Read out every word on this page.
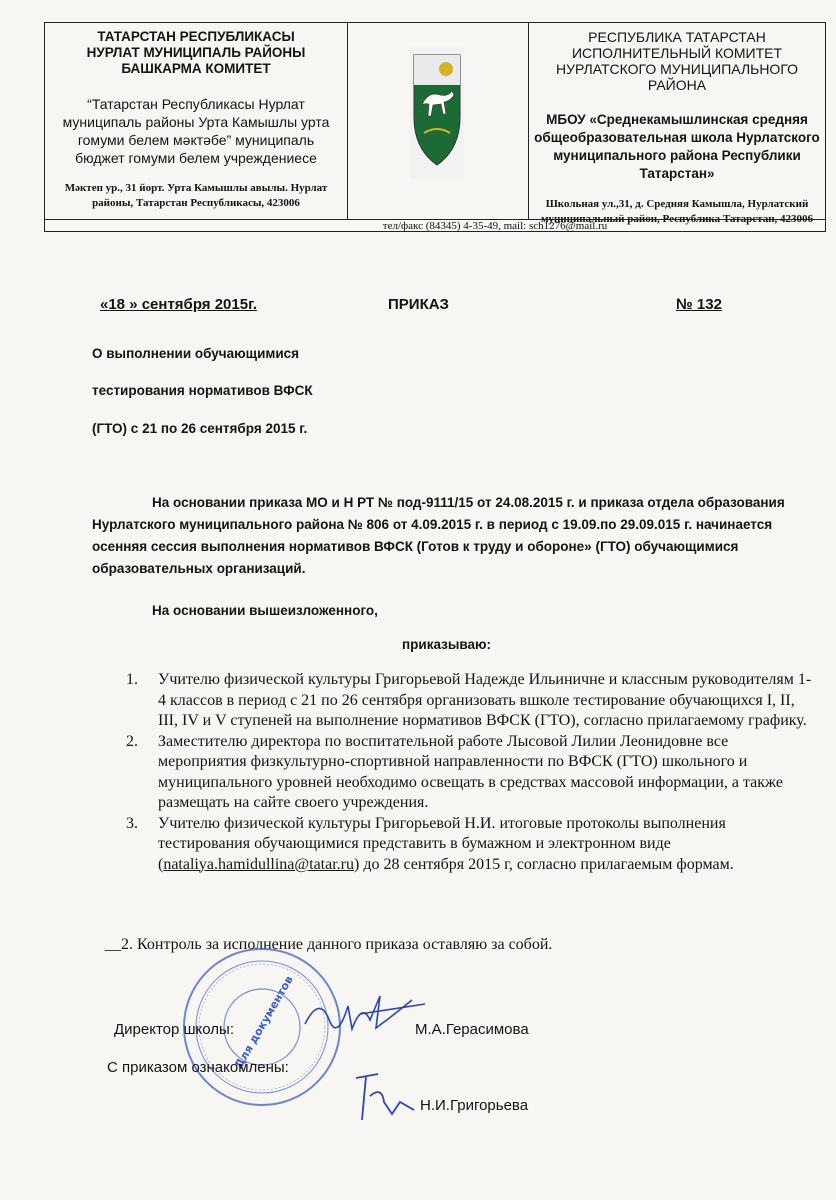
ТАТАРСТАН РЕСПУБЛИКАСЫ
НУРЛАТ МУНИЦИПАЛЬ РАЙОНЫ
БАШКАРМА КОМИТЕТ
“Татарстан Республикасы Нурлат
муниципаль районы Урта Камышлы урта
гомуми белем мәктәбе” муниципаль
бюджет гомуми белем учреждениесе
Мәктеп ур., 31 йорт. Урта Камышлы авылы. Нурлат
районы, Татарстан Республикасы, 423006
РЕСПУБЛИКА ТАТАРСТАН
ИСПОЛНИТЕЛЬНЫЙ КОМИТЕТ
НУРЛАТСКОГО МУНИЦИПАЛЬНОГО РАЙОНА
МБОУ «Среднекамышлинская средняя
общеобразовательная школа Нурлатского
муниципального района Республики Татарстан»
Школьная ул.,31, д. Средняя Камышла, Нурлатский
муниципальный район, Республика Татарстан, 423006
тел/факс (84345) 4-35-49, mail: sch1276@mail.ru
«18 » сентября 2015г.	ПРИКАЗ	№ 132
О выполнении обучающимися
тестирования нормативов ВФСК
(ГТО) с 21 по 26 сентября 2015 г.
На основании приказа МО и Н РТ № под-9111/15 от 24.08.2015 г. и приказа отдела образования Нурлатского муниципального района № 806 от 4.09.2015 г. в период с 19.09.по 29.09.015 г. начинается осенняя сессия выполнения нормативов ВФСК (Готов к труду и обороне» (ГТО) обучающимися образовательных организаций.
На основании вышеизложенного,
приказываю:
1. Учителю физической культуры Григорьевой Надежде Ильиничне и классным руководителям 1-4 классов в период с 21 по 26 сентября организовать вшколе тестирование обучающихся I, II, III, IV и V ступеней на выполнение нормативов ВФСК (ГТО), согласно прилагаемому графику.
2. Заместителю директора по воспитательной работе Лысовой Лилии Леонидовне все мероприятия физкультурно-спортивной направленности по ВФСК (ГТО) школьного и муниципального уровней необходимо освещать в средствах массовой информации, а также размещать на сайте своего учреждения.
3. Учителю физической культуры Григорьевой Н.И. итоговые протоколы выполнения тестирования обучающимися представить в бумажном и электронном виде (nataliya.hamidullina@tatar.ru) до 28 сентября 2015 г, согласно прилагаемым формам.
__2. Контроль за исполнение данного приказа оставляю за собой.
Для документов
Директор школы:	М.А.Герасимова
С приказом ознакомлены:
Н.И.Григорьева
